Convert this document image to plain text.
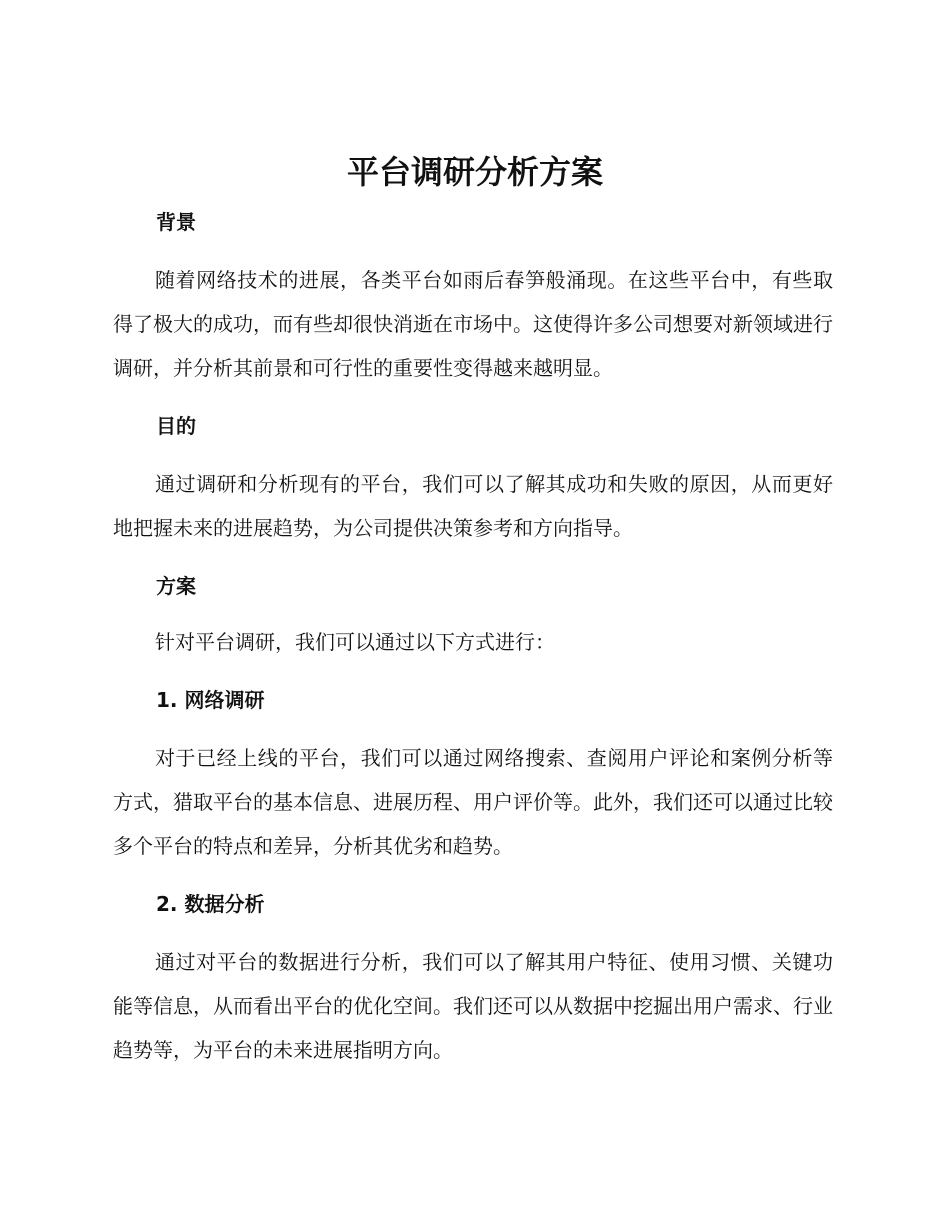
平台调研分析方案
背景

随着网络技术的进展，各类平台如雨后春笋般涌现。在这些平台中，有些取得了极大的成功，而有些却很快消逝在市场中。这使得许多公司想要对新领域进行调研，并分析其前景和可行性的重要性变得越来越明显。

目的

通过调研和分析现有的平台，我们可以了解其成功和失败的原因，从而更好地把握未来的进展趋势，为公司提供决策参考和方向指导。

方案

针对平台调研，我们可以通过以下方式进行：

1. 网络调研

对于已经上线的平台，我们可以通过网络搜索、查阅用户评论和案例分析等方式，猎取平台的基本信息、进展历程、用户评价等。此外，我们还可以通过比较多个平台的特点和差异，分析其优劣和趋势。

2. 数据分析

通过对平台的数据进行分析，我们可以了解其用户特征、使用习惯、关键功能等信息，从而看出平台的优化空间。我们还可以从数据中挖掘出用户需求、行业趋势等，为平台的未来进展指明方向。
